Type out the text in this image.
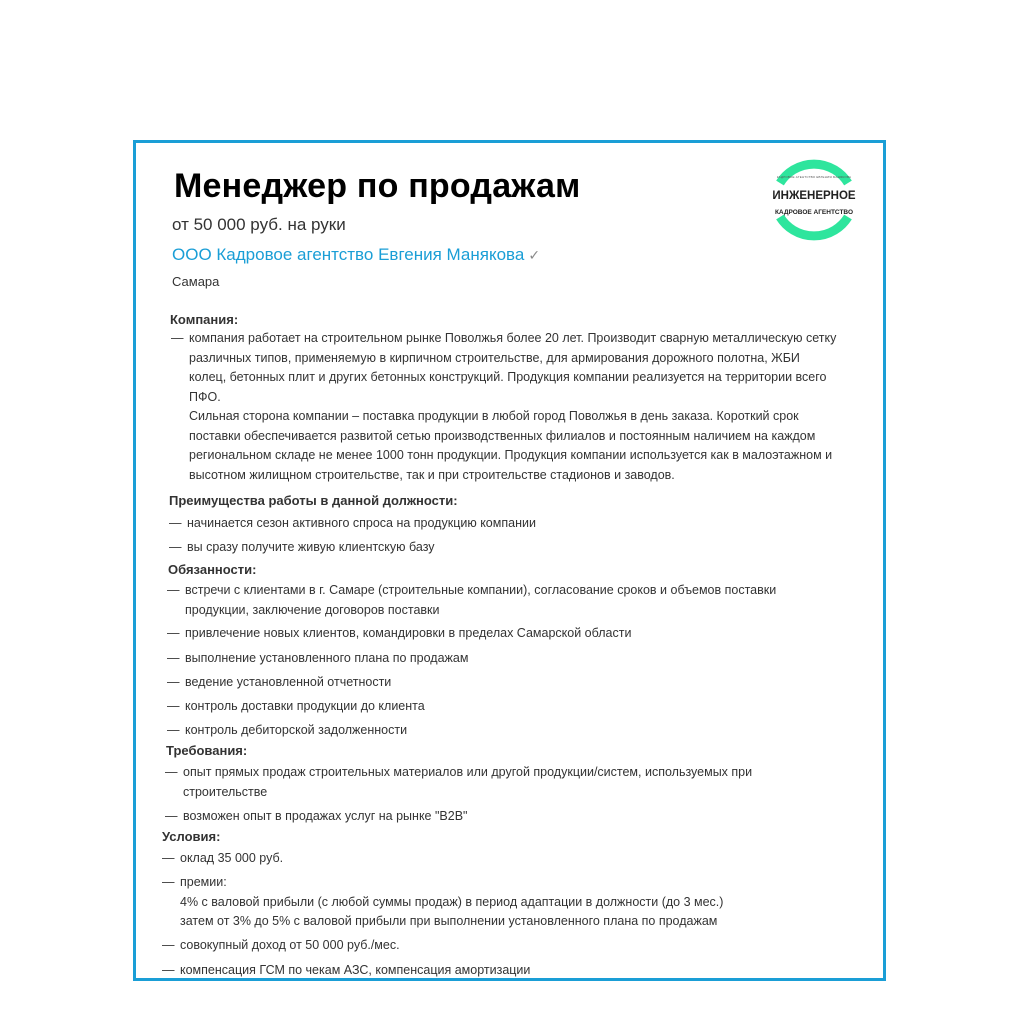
Менеджер по продажам
от 50 000 руб. на руки
ООО Кадровое агентство Евгения Манякова ✓
Самара
КАДРОВОЕ АГЕНТСТВО ЕВГЕНИЯ МАНЯКОВА
ИНЖЕНЕРНОЕ
КАДРОВОЕ АГЕНТСТВО
Компания:
— компания работает на строительном рынке Поволжья более 20 лет. Производит сварную металлическую сетку
различных типов, применяемую в кирпичном строительстве, для армирования дорожного полотна, ЖБИ
колец, бетонных плит и других бетонных конструкций. Продукция компании реализуется на территории всего
ПФО.
Сильная сторона компании – поставка продукции в любой город Поволжья в день заказа. Короткий срок
поставки обеспечивается развитой сетью производственных филиалов и постоянным наличием на каждом
региональном складе не менее 1000 тонн продукции. Продукция компании используется как в малоэтажном и
высотном жилищном строительстве, так и при строительстве стадионов и заводов.
Преимущества работы в данной должности:
— начинается сезон активного спроса на продукцию компании
— вы сразу получите живую клиентскую базу
Обязанности:
— встречи с клиентами в г. Самаре (строительные компании), согласование сроков и объемов поставки
продукции, заключение договоров поставки
— привлечение новых клиентов, командировки в пределах Самарской области
— выполнение установленного плана по продажам
— ведение установленной отчетности
— контроль доставки продукции до клиента
— контроль дебиторской задолженности
Требования:
— опыт прямых продаж строительных материалов или другой продукции/систем, используемых при
строительстве
— возможен опыт в продажах услуг на рынке "B2B"
Условия:
— оклад 35 000 руб.
— премии:
4% с валовой прибыли (с любой суммы продаж) в период адаптации в должности (до 3 мес.)
затем от 3% до 5% с валовой прибыли при выполнении установленного плана по продажам
— совокупный доход от 50 000 руб./мес.
— компенсация ГСМ по чекам АЗС, компенсация амортизации
